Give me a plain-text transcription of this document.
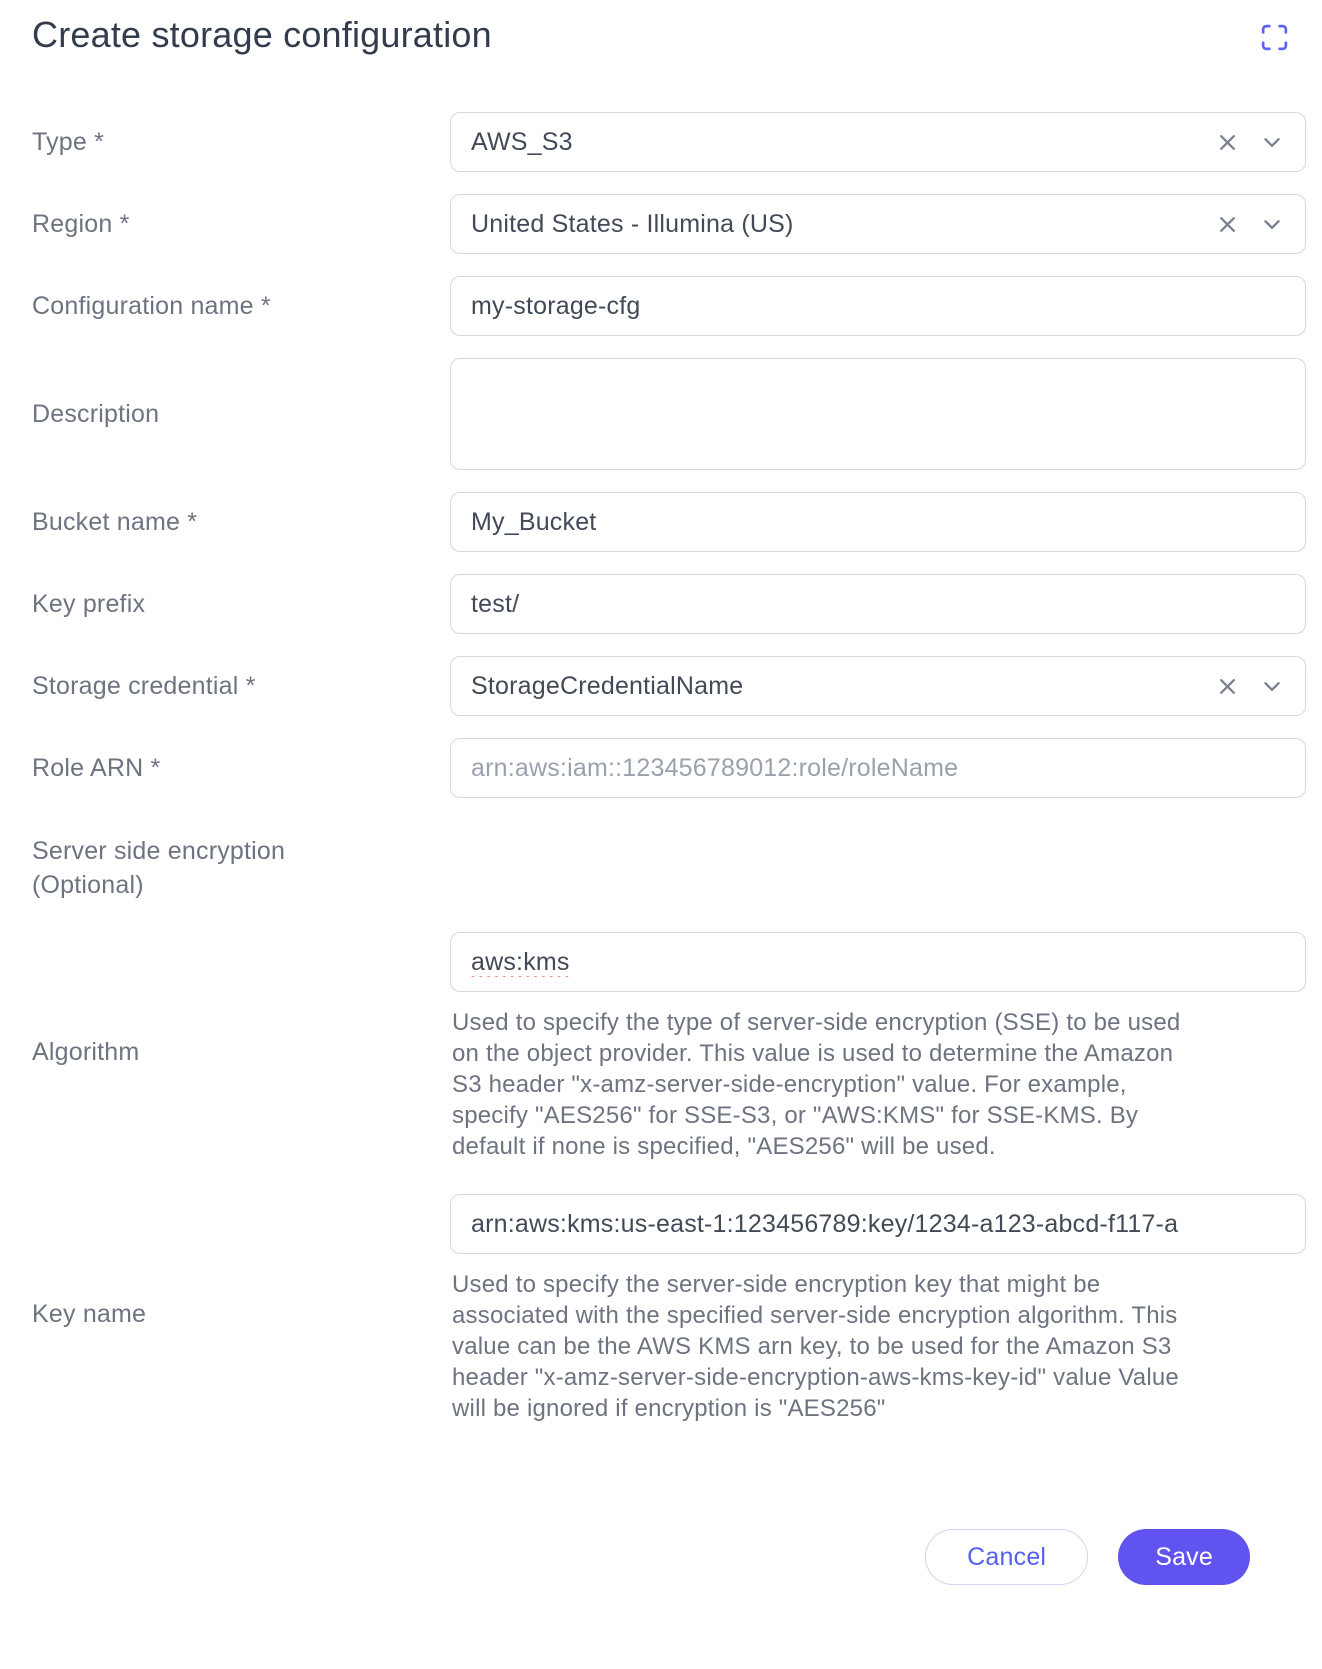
Create storage configuration
Type *
AWS_S3
Region *
United States - Illumina (US)
Configuration name *
my-storage-cfg
Description
Bucket name *
My_Bucket
Key prefix
test/
Storage credential *
StorageCredentialName
Role ARN *
arn:aws:iam::123456789012:role/roleName
Server side encryption (Optional)
Algorithm
aws:kms

Used to specify the type of server-side encryption (SSE) to be used on the object provider. This value is used to determine the Amazon S3 header "x-amz-server-side-encryption" value. For example, specify "AES256" for SSE-S3, or "AWS:KMS" for SSE-KMS. By default if none is specified, "AES256" will be used.

Key name
arn:aws:kms:us-east-1:123456789:key/1234-a123-abcd-f117-a

Used to specify the server-side encryption key that might be associated with the specified server-side encryption algorithm. This value can be the AWS KMS arn key, to be used for the Amazon S3 header "x-amz-server-side-encryption-aws-kms-key-id" value Value will be ignored if encryption is "AES256"

Cancel	Save
